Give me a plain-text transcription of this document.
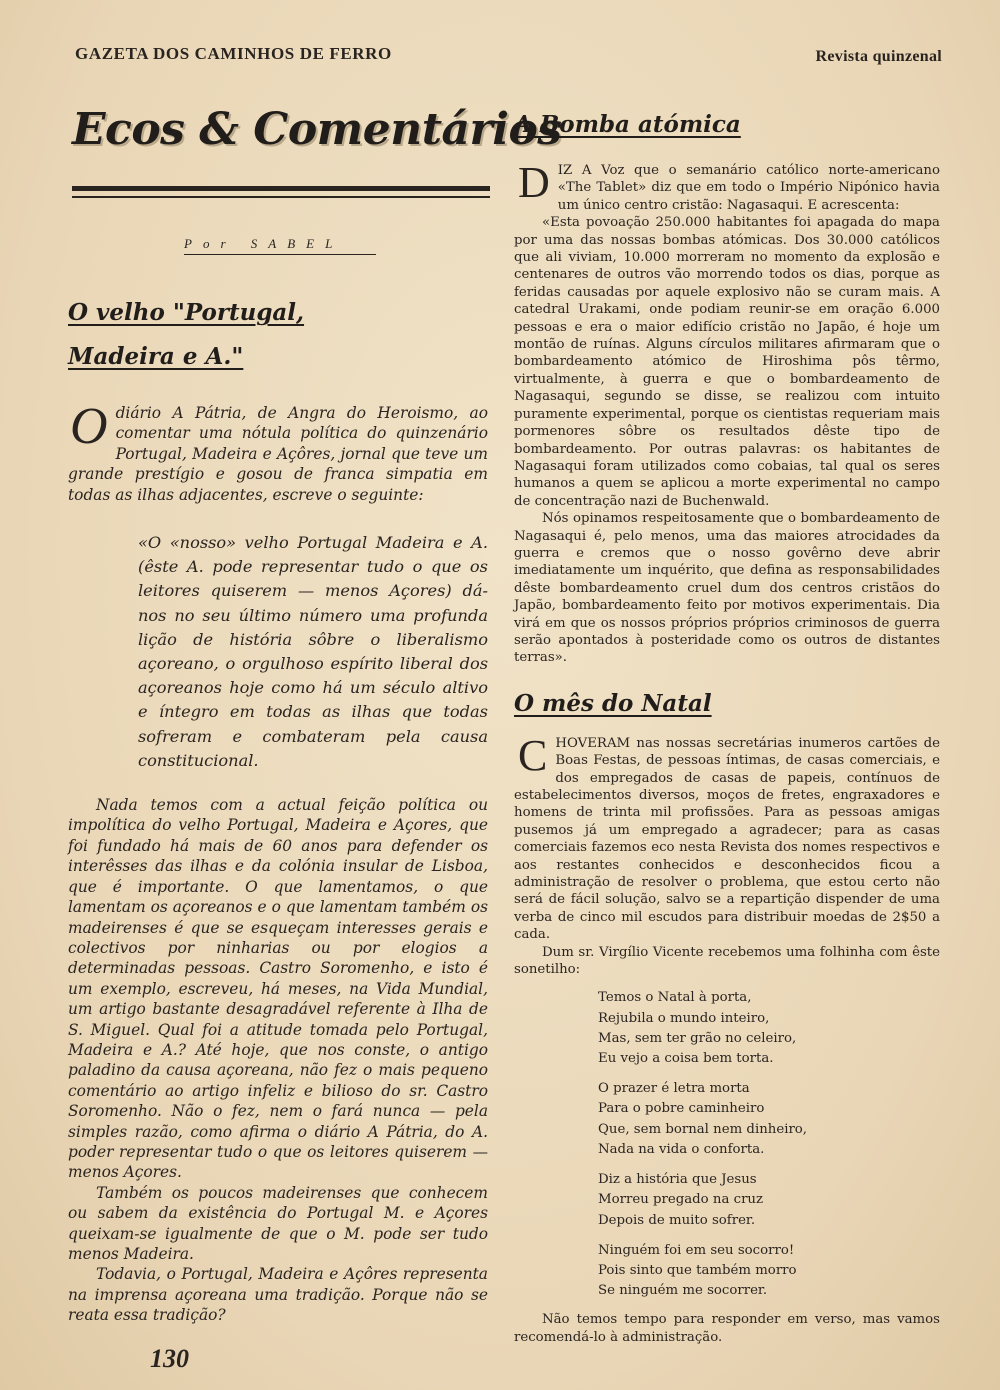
GAZETA DOS CAMINHOS DE FERRO	Revista quinzenal
Ecos & Comentários
Por SABEL
O velho "Portugal,
Madeira e A."

O diário A Pátria, de Angra do Heroismo, ao comentar uma nótula política do quinzenário Portugal, Madeira e Açôres, jornal que teve um grande prestígio e gosou de franca simpatia em todas as ilhas adjacentes, escreve o seguinte:

«O «nosso» velho Portugal Madeira e A. (êste A. pode representar tudo o que os leitores quiserem — menos Açores) dá-nos no seu último número uma profunda lição de história sôbre o liberalismo açoreano, o orgulhoso espírito liberal dos açoreanos hoje como há um século altivo e íntegro em todas as ilhas que todas sofreram e combateram pela causa constitucional.

Nada temos com a actual feição política ou impolítica do velho Portugal, Madeira e Açores, que foi fundado há mais de 60 anos para defender os interêsses das ilhas e da colónia insular de Lisboa, que é importante. O que lamentamos, o que lamentam os açoreanos e o que lamentam também os madeirenses é que se esqueçam interesses gerais e colectivos por ninharias ou por elogios a determinadas pessoas. Castro Soromenho, e isto é um exemplo, escreveu, há meses, na Vida Mundial, um artigo bastante desagradável referente à Ilha de S. Miguel. Qual foi a atitude tomada pelo Portugal, Madeira e A.? Até hoje, que nos conste, o antigo paladino da causa açoreana, não fez o mais pequeno comentário ao artigo infeliz e bilioso do sr. Castro Soromenho. Não o fez, nem o fará nunca — pela simples razão, como afirma o diário A Pátria, do A. poder representar tudo o que os leitores quiserem — menos Açores.

Também os poucos madeirenses que conhecem ou sabem da existência do Portugal M. e Açores queixam-se igualmente de que o M. pode ser tudo menos Madeira.

Todavia, o Portugal, Madeira e Açôres representa na imprensa açoreana uma tradição. Porque não se reata essa tradição?

A Bomba atómica

DIZ A Voz que o semanário católico norte-americano «The Tablet» diz que em todo o Império Nipónico havia um único centro cristão: Nagasaqui. E acrescenta:

«Esta povoação 250.000 habitantes foi apagada do mapa por uma das nossas bombas atómicas. Dos 30.000 católicos que ali viviam, 10.000 morreram no momento da explosão e centenares de outros vão morrendo todos os dias, porque as feridas causadas por aquele explosivo não se curam mais. A catedral Urakami, onde podiam reunir-se em oração 6.000 pessoas e era o maior edifício cristão no Japão, é hoje um montão de ruínas. Alguns círculos militares afirmaram que o bombardeamento atómico de Hiroshima pôs têrmo, virtualmente, à guerra e que o bombardeamento de Nagasaqui, segundo se disse, se realizou com intuito puramente experimental, porque os cientistas requeriam mais pormenores sôbre os resultados dêste tipo de bombardeamento. Por outras palavras: os habitantes de Nagasaqui foram utilizados como cobaias, tal qual os seres humanos a quem se aplicou a morte experimental no campo de concentração nazi de Buchenwald.

Nós opinamos respeitosamente que o bombardeamento de Nagasaqui é, pelo menos, uma das maiores atrocidades da guerra e cremos que o nosso govêrno deve abrir imediatamente um inquérito, que defina as responsabilidades dêste bombardeamento cruel dum dos centros cristãos do Japão, bombardeamento feito por motivos experimentais. Dia virá em que os nossos próprios próprios criminosos de guerra serão apontados à posteridade como os outros de distantes terras».

O mês do Natal

CHOVERAM nas nossas secretárias inumeros cartões de Boas Festas, de pessoas íntimas, de casas comerciais, e dos empregados de casas de papeis, contínuos de estabelecimentos diversos, moços de fretes, engraxadores e homens de trinta mil profissões. Para as pessoas amigas pusemos já um empregado a agradecer; para as casas comerciais fazemos eco nesta Revista dos nomes respectivos e aos restantes conhecidos e desconhecidos ficou a administração de resolver o problema, que estou certo não será de fácil solução, salvo se a repartição dispender de uma verba de cinco mil escudos para distribuir moedas de 2$50 a cada.

Dum sr. Virgílio Vicente recebemos uma folhinha com êste sonetilho:

Temos o Natal à porta,
Rejubila o mundo inteiro,
Mas, sem ter grão no celeiro,
Eu vejo a coisa bem torta.
O prazer é letra morta
Para o pobre caminheiro
Que, sem bornal nem dinheiro,
Nada na vida o conforta.
Diz a história que Jesus
Morreu pregado na cruz
Depois de muito sofrer.
Ninguém foi em seu socorro!
Pois sinto que também morro
Se ninguém me socorrer.

Não temos tempo para responder em verso, mas vamos recomendá-lo à administração.

130
